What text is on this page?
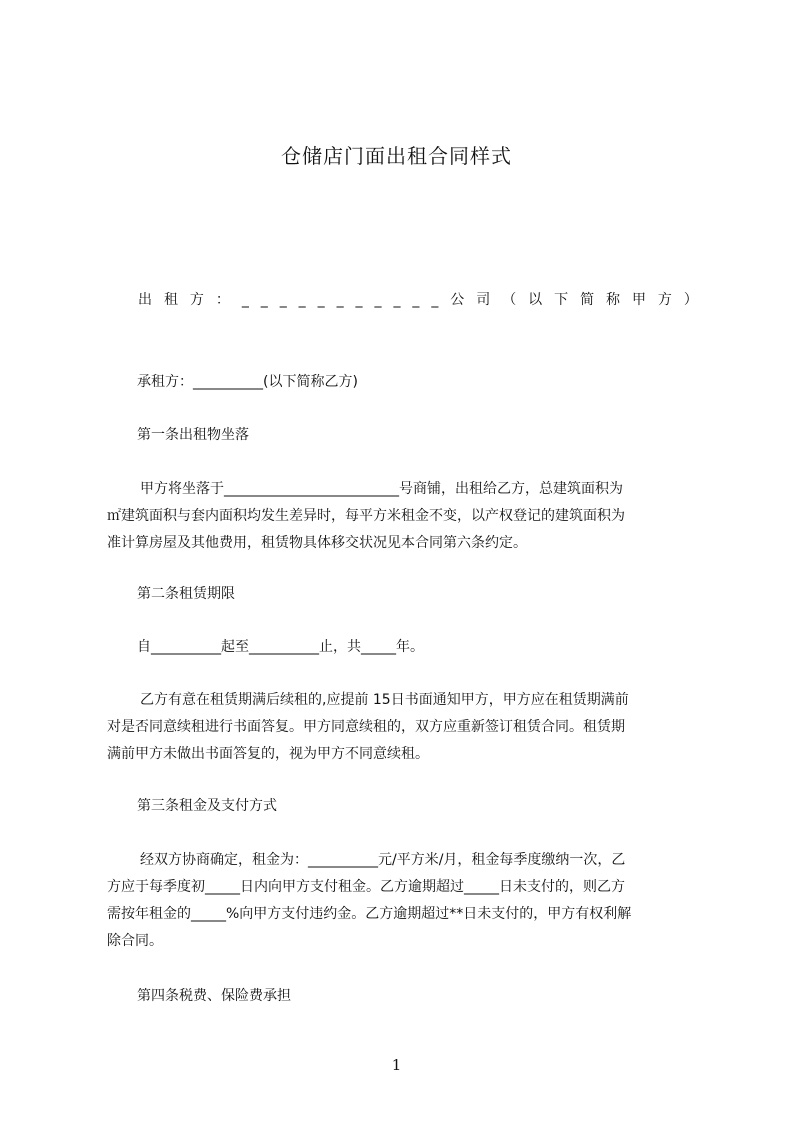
仓储店门面出租合同样式
出 租 方 ： _ _ _ _ _ _ _ _ _ _ _ 公 司 （ 以 下 简 称 甲 方 ）
承租方：__________(以下简称乙方)
第一条出租物坐落
甲方将坐落于_________________________号商铺，出租给乙方，总建筑面积为
㎡建筑面积与套内面积均发生差异时，每平方米租金不变，以产权登记的建筑面积为
准计算房屋及其他费用，租赁物具体移交状况见本合同第六条约定。
第二条租赁期限
自__________起至__________止，共_____年。
乙方有意在租赁期满后续租的,应提前 15日书面通知甲方，甲方应在租赁期满前
对是否同意续租进行书面答复。甲方同意续租的，双方应重新签订租赁合同。租赁期
满前甲方未做出书面答复的，视为甲方不同意续租。
第三条租金及支付方式
经双方协商确定，租金为：__________元/平方米/月，租金每季度缴纳一次，乙
方应于每季度初_____日内向甲方支付租金。乙方逾期超过_____日未支付的，则乙方
需按年租金的_____%向甲方支付违约金。乙方逾期超过**日未支付的，甲方有权利解
除合同。
第四条税费、保险费承担
1
